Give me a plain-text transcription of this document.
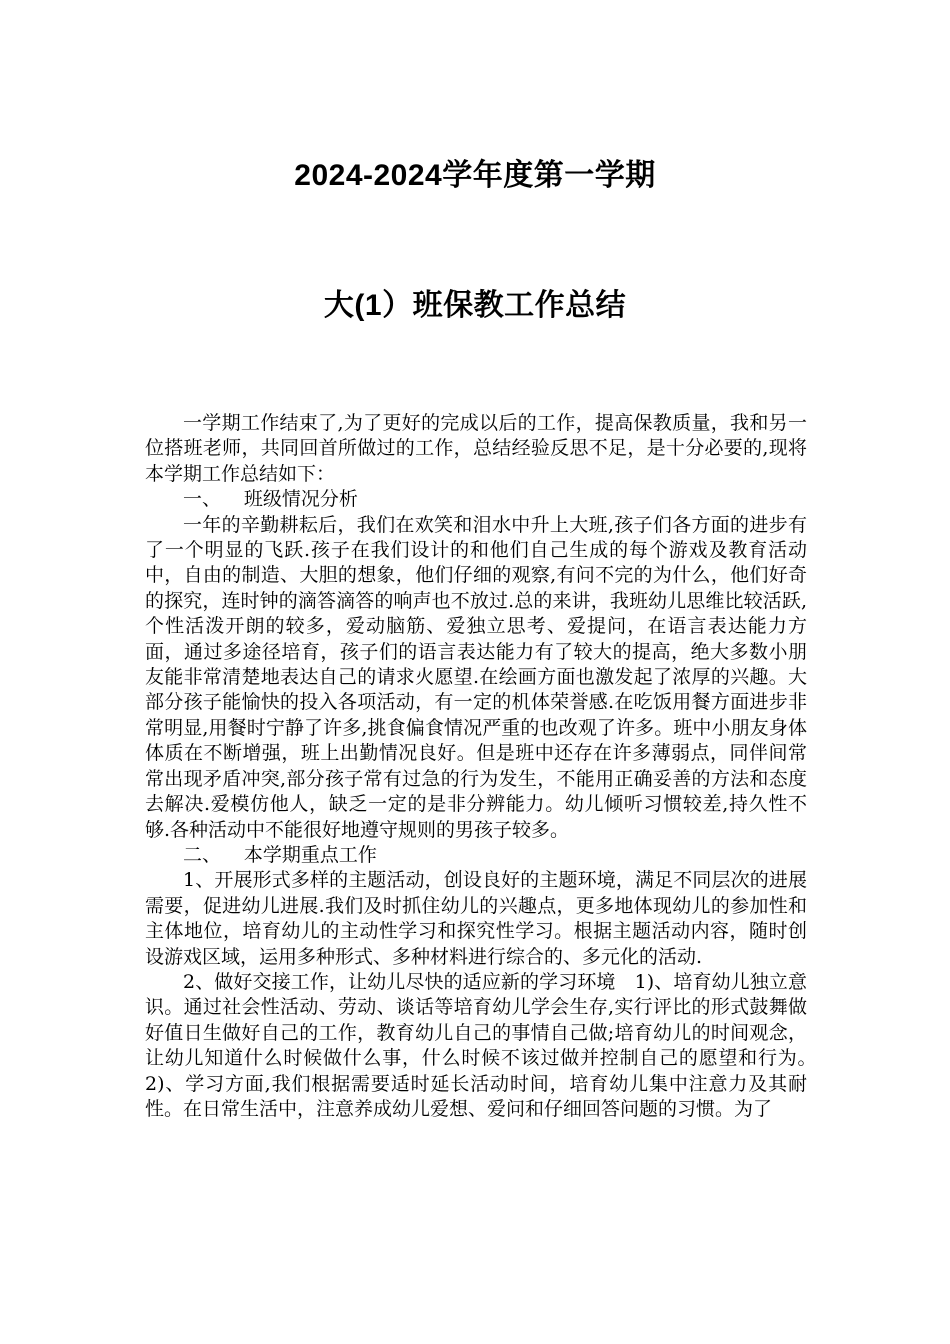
2024-2024学年度第一学期
大(1）班保教工作总结

一学期工作结束了,为了更好的完成以后的工作，提高保教质量，我和另一位搭班老师，共同回首所做过的工作，总结经验反思不足，是十分必要的,现将本学期工作总结如下：

一、 班级情况分析

一年的辛勤耕耘后，我们在欢笑和泪水中升上大班,孩子们各方面的进步有了一个明显的飞跃.孩子在我们设计的和他们自己生成的每个游戏及教育活动中，自由的制造、大胆的想象，他们仔细的观察,有问不完的为什么，他们好奇的探究，连时钟的滴答滴答的响声也不放过.总的来讲，我班幼儿思维比较活跃,个性活泼开朗的较多，爱动脑筋、爱独立思考、爱提问，在语言表达能力方面，通过多途径培育，孩子们的语言表达能力有了较大的提高，绝大多数小朋友能非常清楚地表达自己的请求火愿望.在绘画方面也激发起了浓厚的兴趣。大部分孩子能愉快的投入各项活动，有一定的机体荣誉感.在吃饭用餐方面进步非常明显,用餐时宁静了许多,挑食偏食情况严重的也改观了许多。班中小朋友身体体质在不断增强，班上出勤情况良好。但是班中还存在许多薄弱点，同伴间常常出现矛盾冲突,部分孩子常有过急的行为发生，不能用正确妥善的方法和态度去解决.爱模仿他人，缺乏一定的是非分辨能力。幼儿倾听习惯较差,持久性不够.各种活动中不能很好地遵守规则的男孩子较多。

二、 本学期重点工作

1、开展形式多样的主题活动，创设良好的主题环境，满足不同层次的进展需要，促进幼儿进展.我们及时抓住幼儿的兴趣点，更多地体现幼儿的参加性和主体地位，培育幼儿的主动性学习和探究性学习。根据主题活动内容，随时创设游戏区域，运用多种形式、多种材料进行综合的、多元化的活动.

2、做好交接工作，让幼儿尽快的适应新的学习环境　1)、培育幼儿独立意识。通过社会性活动、劳动、谈话等培育幼儿学会生存,实行评比的形式鼓舞做好值日生做好自己的工作，教育幼儿自己的事情自己做;培育幼儿的时间观念，让幼儿知道什么时候做什么事，什么时候不该过做并控制自己的愿望和行为。　2)、学习方面,我们根据需要适时延长活动时间，培育幼儿集中注意力及其耐性。在日常生活中，注意养成幼儿爱想、爱问和仔细回答问题的习惯。为了
